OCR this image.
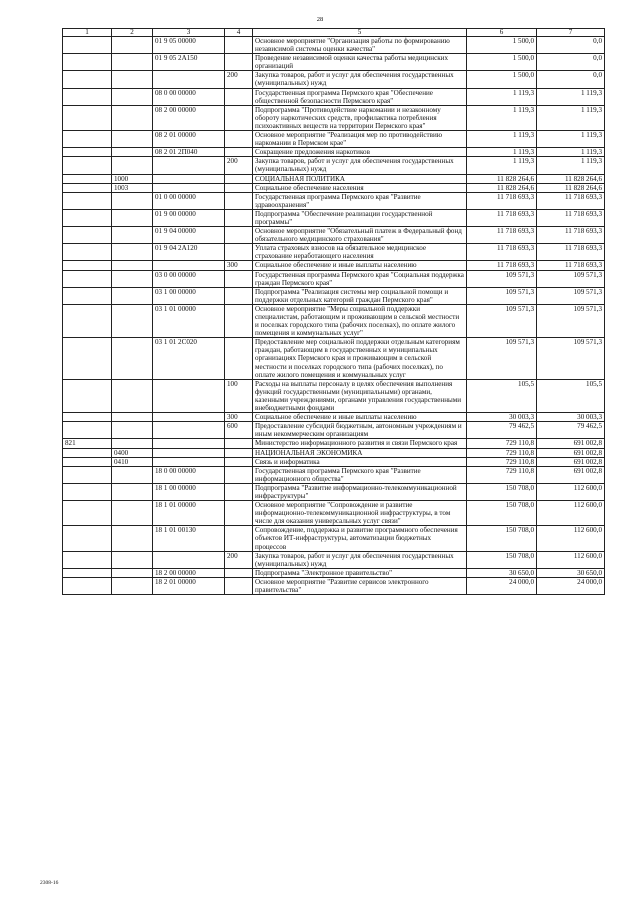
28
1	2	3	4	5	6	7
		01 9 05 00000		Основное мероприятие "Организация работы по формированию независимой системы оценки качества"	1 500,0	0,0
		01 9 05 2А150		Проведение независимой оценки качества работы медицинских организаций	1 500,0	0,0
			200	Закупка товаров, работ и услуг для обеспечения государственных (муниципальных) нужд	1 500,0	0,0
		08 0 00 00000		Государственная программа Пермского края "Обеспечение общественной безопасности Пермского края"	1 119,3	1 119,3
		08 2 00 00000		Подпрограмма "Противодействие наркомании и незаконному обороту наркотических средств, профилактика потребления психоактивных веществ на территории Пермского края"	1 119,3	1 119,3
		08 2 01 00000		Основное мероприятие "Реализация мер по противодействию наркомании в Пермском крае"	1 119,3	1 119,3
		08 2 01 2П040		Сокращение предложения наркотиков	1 119,3	1 119,3
			200	Закупка товаров, работ и услуг для обеспечения государственных (муниципальных) нужд	1 119,3	1 119,3
	1000			СОЦИАЛЬНАЯ ПОЛИТИКА	11 828 264,6	11 828 264,6
	1003			Социальное обеспечение населения	11 828 264,6	11 828 264,6
		01 0 00 00000		Государственная программа Пермского края "Развитие здравоохранения"	11 718 693,3	11 718 693,3
		01 9 00 00000		Подпрограмма "Обеспечение реализации государственной программы"	11 718 693,3	11 718 693,3
		01 9 04 00000		Основное мероприятие "Обязательный платеж в Федеральный фонд обязательного медицинского страхования"	11 718 693,3	11 718 693,3
		01 9 04 2А120		Уплата страховых взносов на обязательное медицинское страхование неработающего населения	11 718 693,3	11 718 693,3
			300	Социальное обеспечение и иные выплаты населению	11 718 693,3	11 718 693,3
		03 0 00 00000		Государственная программа Пермского края "Социальная поддержка граждан Пермского края"	109 571,3	109 571,3
		03 1 00 00000		Подпрограмма "Реализация системы мер социальной помощи и поддержки отдельных категорий граждан Пермского края"	109 571,3	109 571,3
		03 1 01 00000		Основное мероприятие "Меры социальной поддержки специалистам, работающим и проживающим в сельской местности и поселках городского типа (рабочих поселках), по оплате жилого помещения и коммунальных услуг"	109 571,3	109 571,3
		03 1 01 2С020		Предоставление мер социальной поддержки отдельным категориям граждан, работающим в государственных и муниципальных организациях Пермского края и проживающим в сельской местности и поселках городского типа (рабочих поселках), по оплате жилого помещения и коммунальных услуг	109 571,3	109 571,3
			100	Расходы на выплаты персоналу в целях обеспечения выполнения функций государственными (муниципальными) органами, казенными учреждениями, органами управления государственными внебюджетными фондами	105,5	105,5
			300	Социальное обеспечение и иные выплаты населению	30 003,3	30 003,3
			600	Предоставление субсидий бюджетным, автономным учреждениям и иным некоммерческим организациям	79 462,5	79 462,5
821				Министерство информационного развития и связи Пермского края	729 110,8	691 002,8
	0400			НАЦИОНАЛЬНАЯ ЭКОНОМИКА	729 110,8	691 002,8
	0410			Связь и информатика	729 110,8	691 002,8
		18 0 00 00000		Государственная программа Пермского края "Развитие информационного общества"	729 110,8	691 002,8
		18 1 00 00000		Подпрограмма "Развитие информационно-телекоммуникационной инфраструктуры"	150 708,0	112 600,0
		18 1 01 00000		Основное мероприятие "Сопровождение и развитие информационно-телекоммуникационной инфраструктуры, в том числе для оказания универсальных услуг связи"	150 708,0	112 600,0
		18 1 01 00130		Сопровождение, поддержка и развитие программного обеспечения объектов ИТ-инфраструктуры, автоматизации бюджетных процессов	150 708,0	112 600,0
			200	Закупка товаров, работ и услуг для обеспечения государственных (муниципальных) нужд	150 708,0	112 600,0
		18 2 00 00000		Подпрограмма "Электронное правительство"	30 650,0	30 650,0
		18 2 01 00000		Основное мероприятие "Развитие сервисов электронного правительства"	24 000,0	24 000,0
2308-16
